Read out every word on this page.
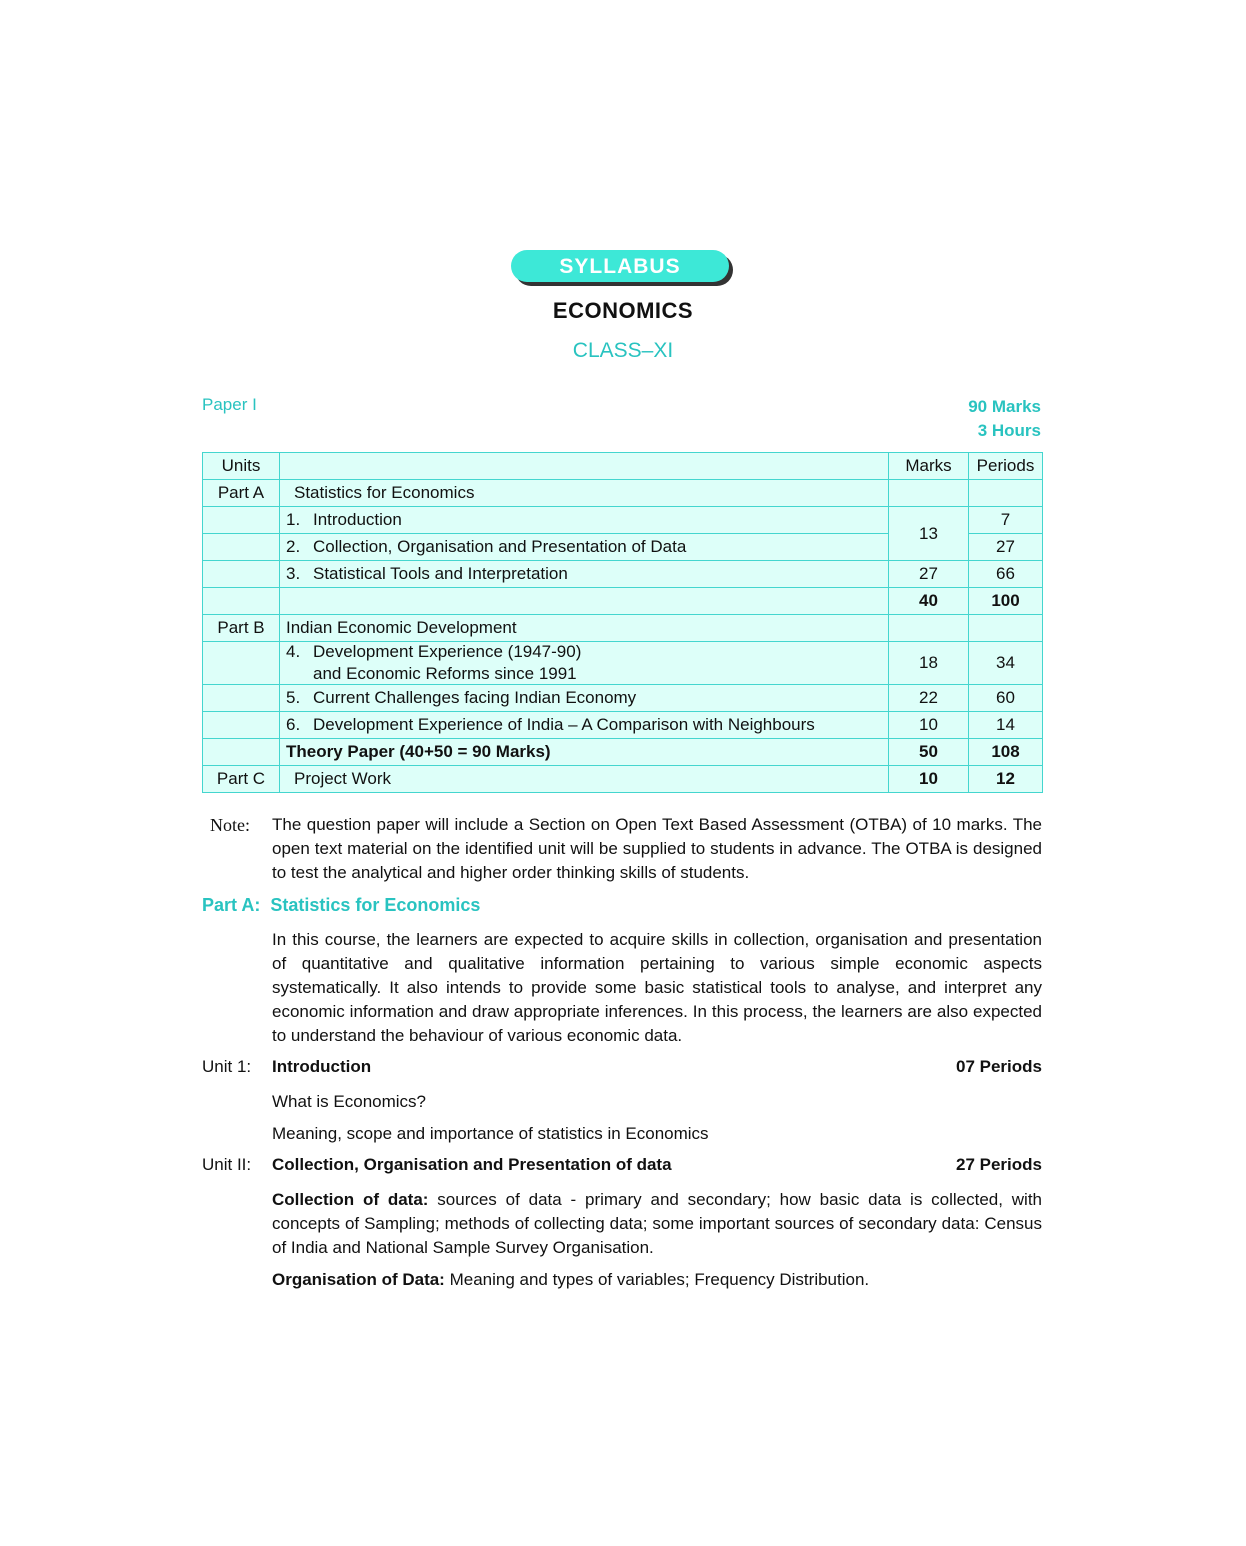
SYLLABUS
ECONOMICS
CLASS–XI
Paper I	90 Marks
3 Hours
Units		Marks	Periods
Part A	Statistics for Economics		

	1. Introduction	13	7

	2. Collection, Organisation and Presentation of Data		27

	3. Statistical Tools and Interpretation	27	66
		40	100
Part B	Indian Economic Development		

	4. Development Experience (1947-90)
and Economic Reforms since 1991	18	34

	5. Current Challenges facing Indian Economy	22	60

	6. Development Experience of India – A Comparison with Neighbours	10	14
	Theory Paper (40+50 = 90 Marks)	50	108
Part C	Project Work	10	12
Note: The question paper will include a Section on Open Text Based Assessment (OTBA) of 10 marks. The open text material on the identified unit will be supplied to students in advance. The OTBA is designed to test the analytical and higher order thinking skills of students.
Part A:  Statistics for Economics
In this course, the learners are expected to acquire skills in collection, organisation and presentation of quantitative and qualitative information pertaining to various simple economic aspects systematically. It also intends to provide some basic statistical tools to analyse, and interpret any economic information and draw appropriate inferences. In this process, the learners are also expected to understand the behaviour of various economic data.
Unit 1:	Introduction	07 Periods
What is Economics?
Meaning, scope and importance of statistics in Economics
Unit II:	Collection, Organisation and Presentation of data	27 Periods
Collection of data: sources of data - primary and secondary; how basic data is collected, with concepts of Sampling; methods of collecting data; some important sources of secondary data: Census of India and National Sample Survey Organisation.
Organisation of Data: Meaning and types of variables; Frequency Distribution.
